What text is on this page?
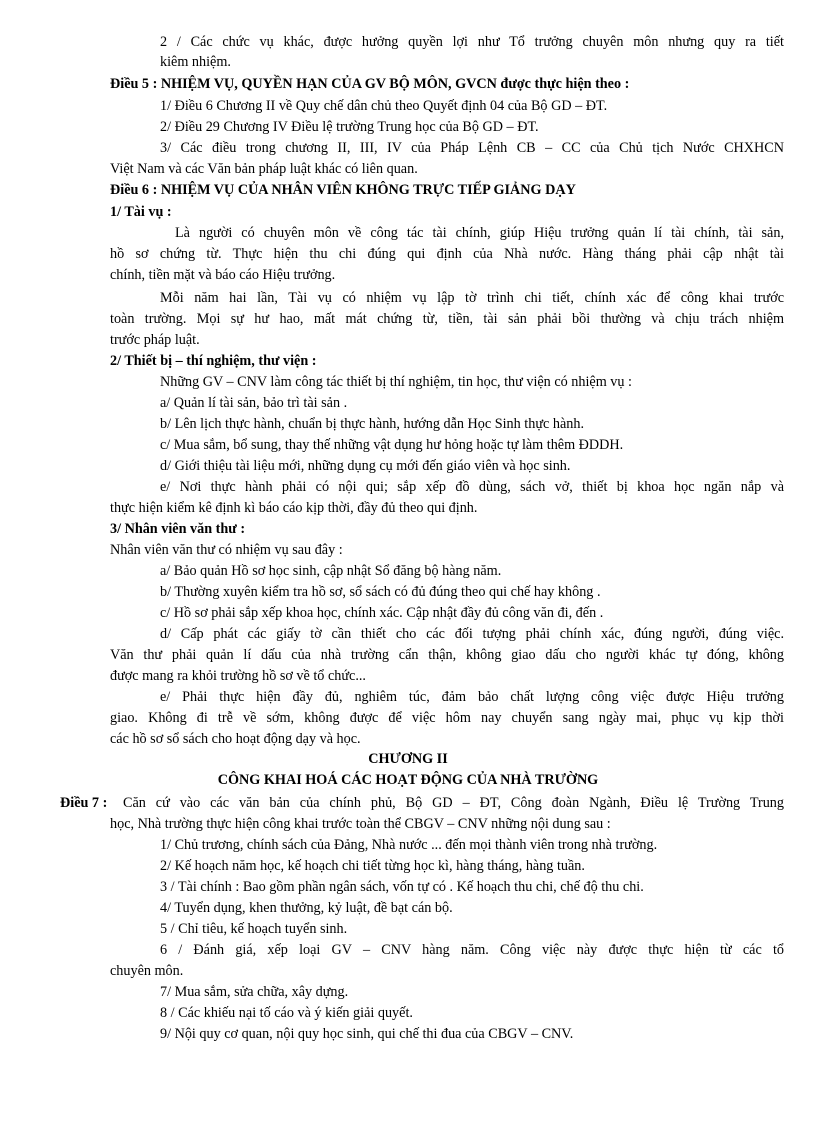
2 / Các chức vụ khác, được hưởng quyền lợi như Tổ trưởng chuyên môn nhưng quy ra tiết
kiêm nhiệm.
Điều 5 : NHIỆM VỤ, QUYỀN HẠN CỦA GV BỘ MÔN, GVCN được thực hiện theo :
1/ Điều 6 Chương II về Quy chế dân chủ theo Quyết định 04 của Bộ GD – ĐT.
2/ Điều 29 Chương IV Điều lệ trường Trung học của Bộ GD – ĐT.
3/ Các điều trong chương II, III, IV của Pháp Lệnh CB – CC của Chủ tịch Nước CHXHCN
Việt Nam và các Văn bản pháp luật khác có liên quan.
Điều 6 : NHIỆM VỤ CỦA NHÂN VIÊN KHÔNG TRỰC TIẾP GIẢNG DẠY
1/ Tài vụ :
Là người có chuyên môn về công tác tài chính, giúp Hiệu trưởng quản lí tài chính, tài sản,
hồ sơ chứng từ. Thực hiện thu chi đúng qui định của Nhà nước. Hàng tháng phải cập nhật tài
chính, tiền mặt và báo cáo Hiệu trưởng.
Mỗi năm hai lần, Tài vụ có nhiệm vụ lập tờ trình chi tiết, chính xác để công khai trước
toàn trường. Mọi sự hư hao, mất mát chứng từ, tiền, tài sản phải bồi thường và chịu trách nhiệm
trước pháp luật.
2/ Thiết bị – thí nghiệm, thư viện :
Những GV – CNV làm công tác thiết bị thí nghiệm, tin học, thư viện có nhiệm vụ :
a/ Quản lí tài sản, bảo trì tài sản .
b/ Lên lịch thực hành, chuẩn bị thực hành, hướng dẫn Học Sinh thực hành.
c/ Mua sắm, bổ sung, thay thế những vật dụng hư hỏng hoặc tự làm thêm ĐDDH.
d/ Giới thiệu tài liệu mới, những dụng cụ mới đến giáo viên và học sinh.
e/ Nơi thực hành phải có nội qui; sắp xếp đồ dùng, sách vở, thiết bị khoa học ngăn nắp và
thực hiện kiểm kê định kì báo cáo kịp thời, đầy đủ theo qui định.
3/ Nhân viên văn thư :
Nhân viên văn thư có nhiệm vụ sau đây :
a/ Bảo quản Hồ sơ học sinh, cập nhật Sổ đăng bộ hàng năm.
b/ Thường xuyên kiểm tra hồ sơ, sổ sách có đủ đúng theo qui chế hay không .
c/ Hồ sơ phải sắp xếp khoa học, chính xác. Cập nhật đầy đủ công văn đi, đến .
d/ Cấp phát các giấy tờ cần thiết cho các đối tượng phải chính xác, đúng người, đúng việc.
Văn thư phải quản lí dấu của nhà trường cẩn thận, không giao dấu cho người khác tự đóng, không
được mang ra khỏi trường hồ sơ về tổ chức...
e/ Phải thực hiện đầy đủ, nghiêm túc, đảm bảo chất lượng công việc được Hiệu trưởng
giao. Không đi trễ về sớm, không được để việc hôm nay chuyển sang ngày mai, phục vụ kịp thời
các hồ sơ sổ sách cho hoạt động dạy và học.
CHƯƠNG II
CÔNG KHAI HOÁ CÁC HOẠT ĐỘNG CỦA NHÀ TRƯỜNG
Điều 7 : Căn cứ vào các văn bản của chính phủ, Bộ GD – ĐT, Công đoàn Ngành, Điều lệ Trường Trung
học, Nhà trường thực hiện công khai trước toàn thể CBGV – CNV những nội dung sau :
1/ Chủ trương, chính sách của Đảng, Nhà nước ... đến mọi thành viên trong nhà trường.
2/ Kế hoạch năm học, kế hoạch chi tiết từng học kì, hàng tháng, hàng tuần.
3 / Tài chính : Bao gồm phần ngân sách, vốn tự có . Kế hoạch thu chi, chế độ thu chi.
4/ Tuyển dụng, khen thưởng, kỷ luật, đề bạt cán bộ.
5 / Chỉ tiêu, kế hoạch tuyển sinh.
6 / Đánh giá, xếp loại GV – CNV hàng năm. Công việc này được thực hiện từ các tổ
chuyên môn.
7/ Mua sắm, sửa chữa, xây dựng.
8 / Các khiếu nại tố cáo và ý kiến giải quyết.
9/ Nội quy cơ quan, nội quy học sinh, qui chế thi đua của CBGV – CNV.
